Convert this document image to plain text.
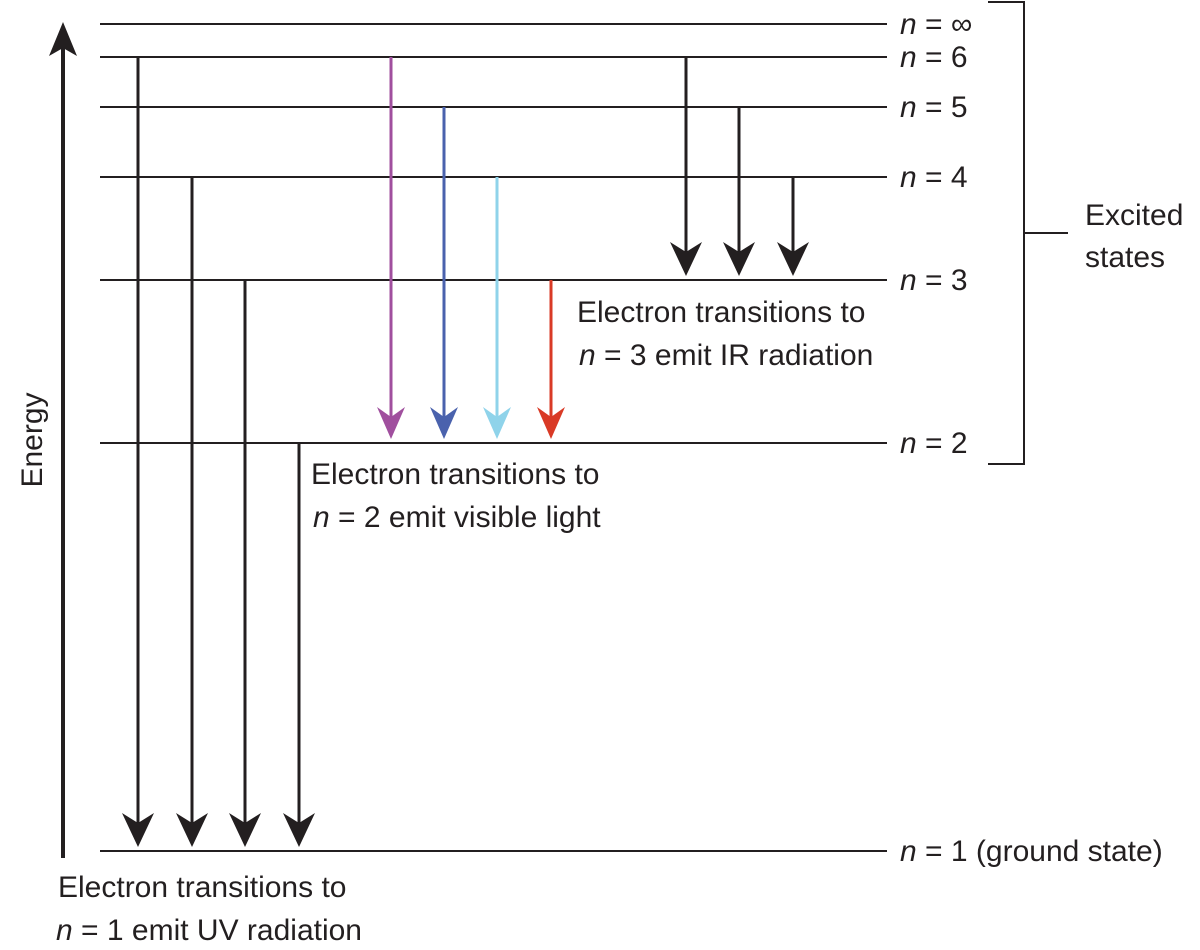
Energy
n = ∞
n = 6
n = 5
n = 4
n = 3
n = 2
n = 1 (ground state)
Excited
states
Electron transitions to
n = 3 emit IR radiation
Electron transitions to
n = 2 emit visible light
Electron transitions to
n = 1 emit UV radiation
